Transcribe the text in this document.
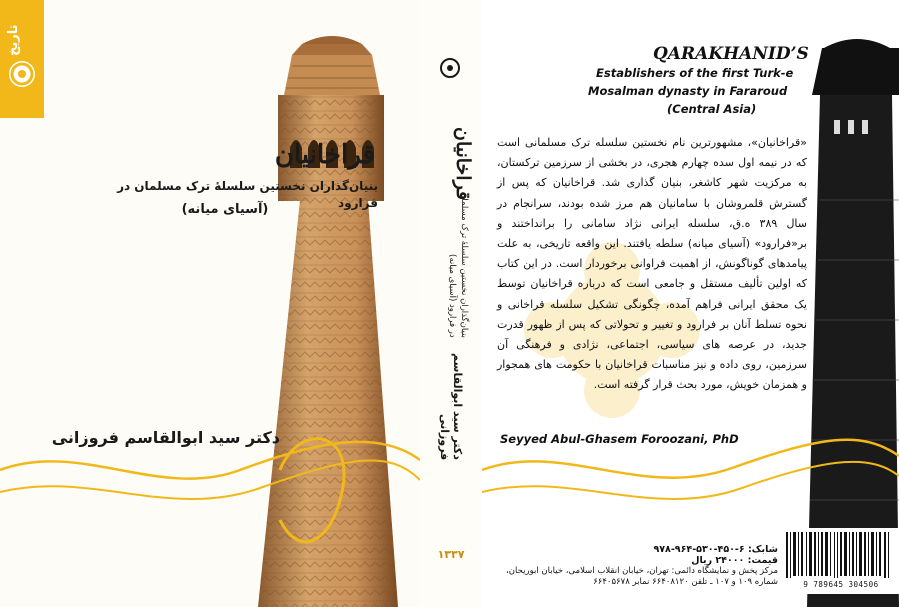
تاریخ
قراخانیان
بنیان‌گذاران نخستین سلسلۀ ترک مسلمان در فرارود
(آسیای میانه)
دکتر سید ابوالقاسم فروزانی
قراخانیان
بنیان‌گذاران نخستین سلسلۀ ترک مسلمان در فرارود (آسیای میانه)
دکتر سید ابوالقاسم فروزانی
۱۳۳۷
QARAKHANID’S
Establishers of the first Turk-e
Mosalman dynasty in Fararoud
(Central Asia)

«قراخانیان»، مشهورترین نام نخستین سلسله ترک مسلمانی است که در نیمه اول سده چهارم هجری، در بخشی از سرزمین ترکستان، به مرکزیت شهر کاشغر، بنیان گذاری شد. قراخانیان که پس از گسترش قلمروشان با سامانیان هم مرز شده بودند، سرانجام در سال ۳۸۹ ه.ق، سلسله ایرانی نژاد سامانی را برانداختند و بر«فرارود» (آسیای میانه) سلطه یافتند. این واقعه تاریخی، به علت پیامدهای گوناگونش، از اهمیت فراوانی برخوردار است. در این کتاب که اولین تألیف مستقل و جامعی است که درباره قراخانیان توسط یک محقق ایرانی فراهم آمده، چگونگی تشکیل سلسله قراخانی و نحوه تسلط آنان بر فرارود و تغییر و تحولاتی که پس از ظهور قدرت جدید، در عرصه های سیاسی، اجتماعی، نژادی و فرهنگی آن سرزمین، روی داده و نیز مناسبات قراخانیان با حکومت های همجوار و همزمان خویش، مورد بحث قرار گرفته است.

Seyyed Abul-Ghasem Foroozani, PhD
شابک: ۶-۴۵۰-۵۳۰-۹۶۴-۹۷۸
قیمت: ۲۴۰۰۰ ریال
مرکز پخش و نمایشگاه دائمی: تهران، خیابان انقلاب اسلامی، خیابان ابوریحان،
شماره ۱۰۹ و ۱۰۷ ـ تلفن ۶۶۴۰۸۱۲۰ نمابر ۶۶۴۰۵۶۷۸	9 789645 304506
